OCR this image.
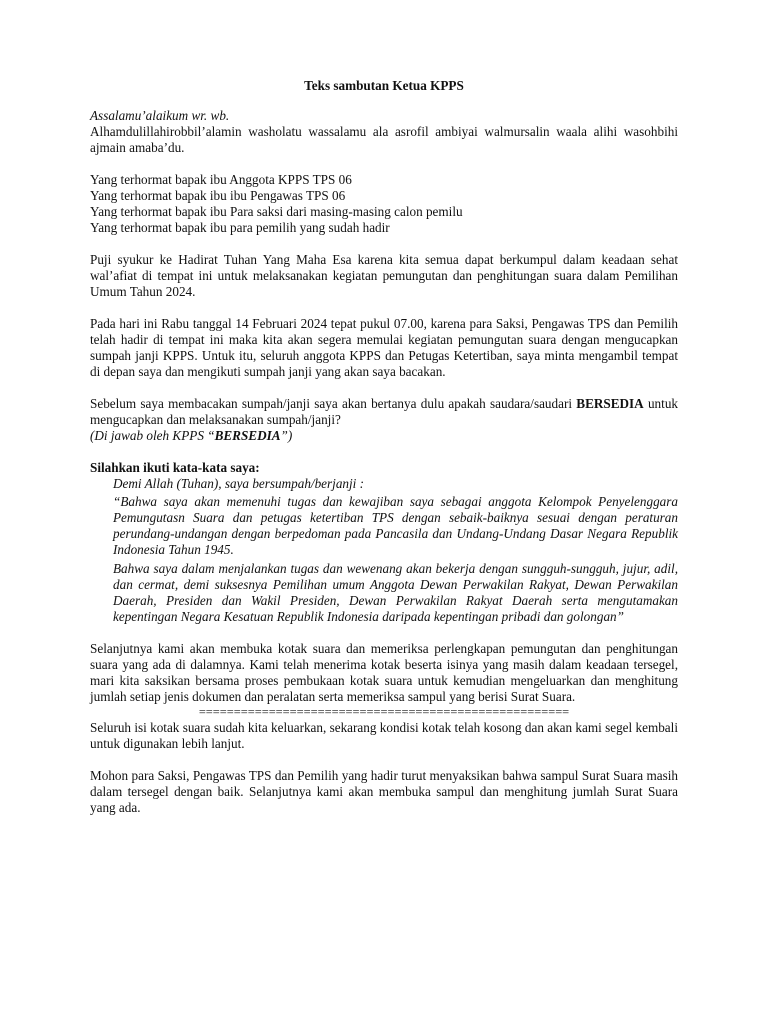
Teks sambutan Ketua KPPS

Assalamu’alaikum wr. wb.

Alhamdulillahirobbil’alamin washolatu wassalamu ala asrofil ambiyai walmursalin waala alihi wasohbihi ajmain amaba’du.

Yang terhormat bapak ibu Anggota KPPS TPS 06

Yang terhormat bapak ibu ibu Pengawas TPS 06

Yang terhormat bapak ibu Para saksi dari masing-masing calon pemilu

Yang terhormat bapak ibu para pemilih yang sudah hadir

Puji syukur ke Hadirat Tuhan Yang Maha Esa karena kita semua dapat berkumpul dalam keadaan sehat wal’afiat di tempat ini untuk melaksanakan kegiatan pemungutan dan penghitungan suara dalam Pemilihan Umum Tahun 2024.

Pada hari ini Rabu tanggal 14 Februari 2024 tepat pukul 07.00, karena para Saksi, Pengawas TPS dan Pemilih telah hadir di tempat ini maka kita akan segera memulai kegiatan pemungutan suara dengan mengucapkan sumpah janji KPPS. Untuk itu, seluruh anggota KPPS dan Petugas Ketertiban, saya minta mengambil tempat di depan saya dan mengikuti sumpah janji yang akan saya bacakan.

Sebelum saya membacakan sumpah/janji saya akan bertanya dulu apakah saudara/saudari BERSEDIA untuk mengucapkan dan melaksanakan sumpah/janji?

(Di jawab oleh KPPS “BERSEDIA”)

Silahkan ikuti kata-kata saya:

Demi Allah (Tuhan), saya bersumpah/berjanji :

“Bahwa saya akan memenuhi tugas dan kewajiban saya sebagai anggota Kelompok Penyelenggara Pemungutasn Suara dan petugas ketertiban TPS dengan sebaik-baiknya sesuai dengan peraturan perundang-undangan dengan berpedoman pada Pancasila dan Undang-Undang Dasar Negara Republik Indonesia Tahun 1945.

Bahwa saya dalam menjalankan tugas dan wewenang akan bekerja dengan sungguh-sungguh, jujur, adil, dan cermat, demi suksesnya Pemilihan umum Anggota Dewan Perwakilan Rakyat, Dewan Perwakilan Daerah, Presiden dan Wakil Presiden, Dewan Perwakilan Rakyat Daerah serta mengutamakan kepentingan Negara Kesatuan Republik Indonesia daripada kepentingan pribadi dan golongan”

Selanjutnya kami akan membuka kotak suara dan memeriksa perlengkapan pemungutan dan penghitungan suara yang ada di dalamnya. Kami telah menerima kotak beserta isinya yang masih dalam keadaan tersegel, mari kita saksikan bersama proses pembukaan kotak suara untuk kemudian mengeluarkan dan menghitung jumlah setiap jenis dokumen dan peralatan serta memeriksa sampul yang berisi Surat Suara.

=====================================================

Seluruh isi kotak suara sudah kita keluarkan, sekarang kondisi kotak telah kosong dan akan kami segel kembali untuk digunakan lebih lanjut.

Mohon para Saksi, Pengawas TPS dan Pemilih yang hadir turut menyaksikan bahwa sampul Surat Suara masih dalam tersegel dengan baik. Selanjutnya kami akan membuka sampul dan menghitung jumlah Surat Suara yang ada.
